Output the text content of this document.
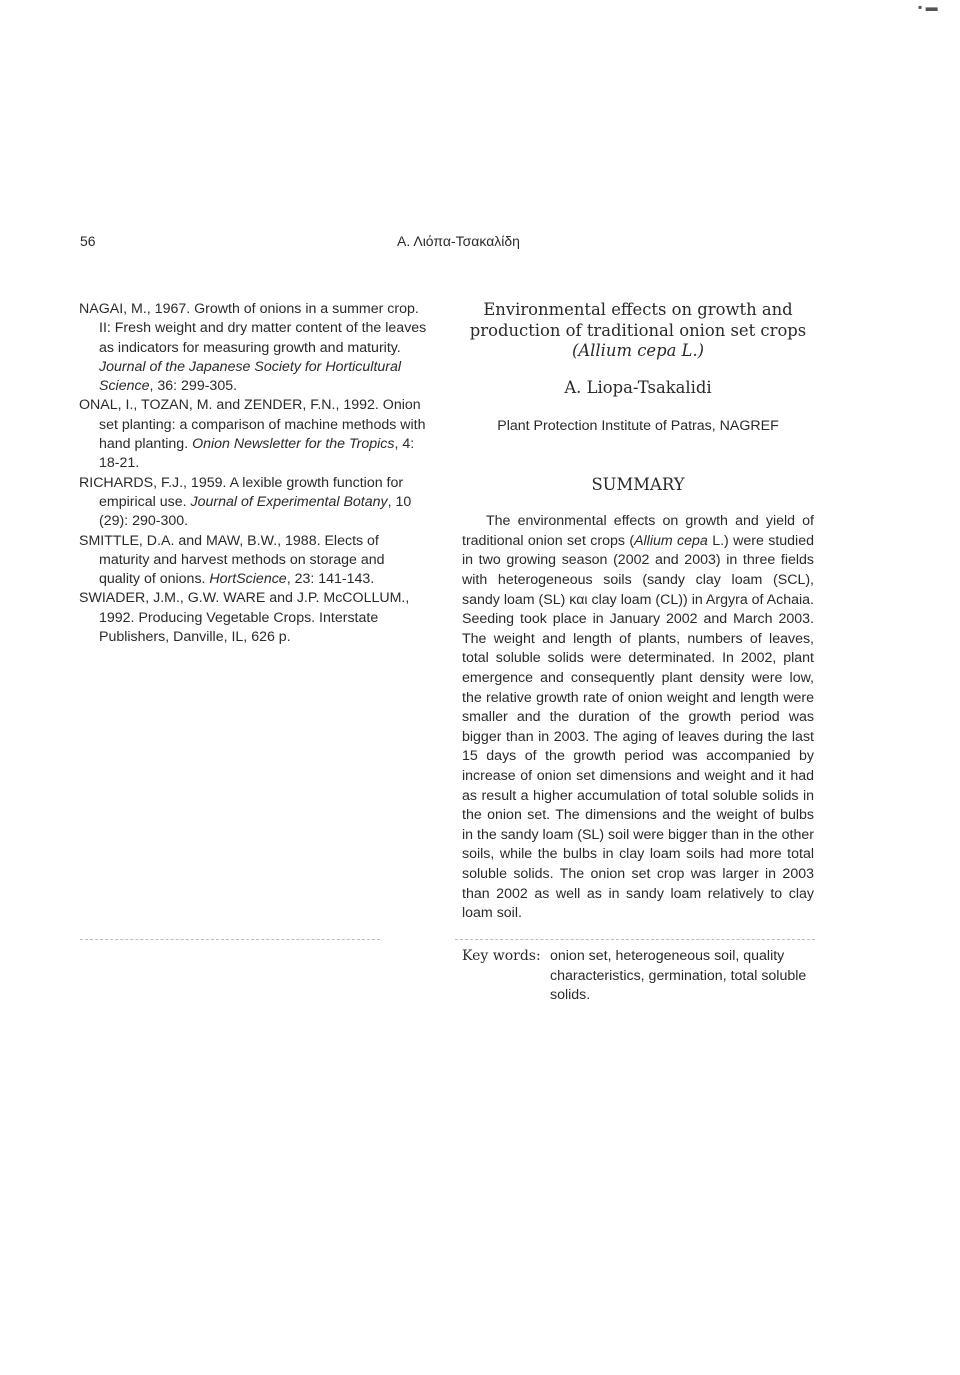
56	Α. Λιόπα-Τσακαλίδη

NAGAI, M., 1967. Growth of onions in a summer crop. II: Fresh weight and dry matter content of the leaves as indicators for measuring growth and maturity. Journal of the Japanese Society for Horticultural Science, 36: 299-305.

ONAL, I., TOZAN, M. and ZENDER, F.N., 1992. Onion set planting: a comparison of machine methods with hand planting. Onion Newsletter for the Tropics, 4: 18-21.

RICHARDS, F.J., 1959. A lexible growth function for empirical use. Journal of Experimental Botany, 10 (29): 290-300.

SMITTLE, D.A. and MAW, B.W., 1988. Elects of maturity and harvest methods on storage and quality of onions. HortScience, 23: 141-143.

SWIADER, J.M., G.W. WARE and J.P. McCOLLUM., 1992. Producing Vegetable Crops. Interstate Publishers, Danville, IL, 626 p.

Environmental effects on growth and production of traditional onion set crops
(Allium cepa L.)

A. Liopa-Tsakalidi

Plant Protection Institute of Patras, NAGREF

SUMMARY

The environmental effects on growth and yield of traditional onion set crops (Allium cepa L.) were studied in two growing season (2002 and 2003) in three fields with heterogeneous soils (sandy clay loam (SCL), sandy loam (SL) και clay loam (CL)) in Argyra of Achaia. Seeding took place in January 2002 and March 2003. The weight and length of plants, numbers of leaves, total soluble solids were determinated. In 2002, plant emergence and consequently plant density were low, the relative growth rate of onion weight and length were smaller and the duration of the growth period was bigger than in 2003. The aging of leaves during the last 15 days of the growth period was accompanied by increase of onion set dimensions and weight and it had as result a higher accumulation of total soluble solids in the onion set. The dimensions and the weight of bulbs in the sandy loam (SL) soil were bigger than in the other soils, while the bulbs in clay loam soils had more total soluble solids. The onion set crop was larger in 2003 than 2002 as well as in sandy loam relatively to clay loam soil.

Key words: onion set, heterogeneous soil, quality characteristics, germination, total soluble solids.
▪ ▬
